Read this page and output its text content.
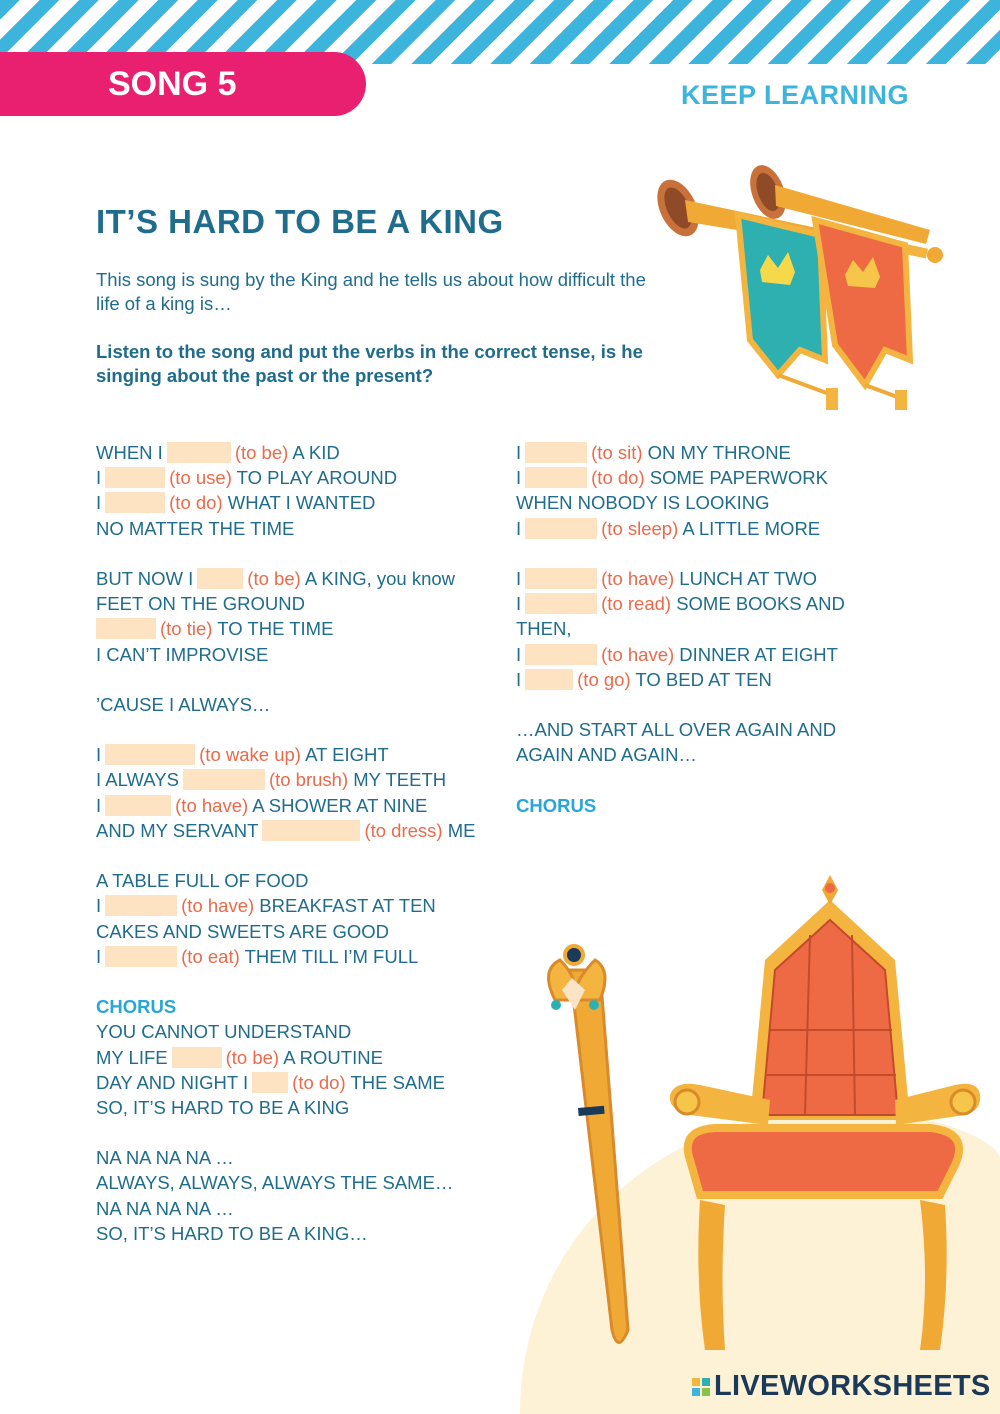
SONG 5	KEEP LEARNING
IT’S HARD TO BE A KING
This song is sung by the King and he tells us about how difficult the life of a king is…
Listen to the song and put the verbs in the correct tense, is he singing about the past or the present?
WHEN I	(to be) A KID
I	(to use) TO PLAY AROUND
I	(to do) WHAT I WANTED
NO MATTER THE TIME
BUT NOW I	(to be) A KING, you know
FEET ON THE GROUND
(to tie) TO THE TIME
I CAN’T IMPROVISE
’CAUSE I ALWAYS…
I	(to wake up) AT EIGHT
I ALWAYS	(to brush) MY TEETH
I	(to have) A SHOWER AT NINE
AND MY SERVANT	(to dress) ME
A TABLE FULL OF FOOD
I	(to have) BREAKFAST AT TEN
CAKES AND SWEETS ARE GOOD
I	(to eat) THEM TILL I’M FULL
CHORUS
YOU CANNOT UNDERSTAND
MY LIFE	(to be) A ROUTINE
DAY AND NIGHT I (to do) THE SAME
SO, IT’S HARD TO BE A KING
NA NA NA NA …
ALWAYS, ALWAYS, ALWAYS THE SAME…
NA NA NA NA …
SO, IT’S HARD TO BE A KING…
I	(to sit) ON MY THRONE
I	(to do) SOME PAPERWORK
WHEN NOBODY IS LOOKING
I	(to sleep) A LITTLE MORE
I	(to have) LUNCH AT TWO
I	(to read) SOME BOOKS AND
THEN,
I	(to have) DINNER AT EIGHT
I	(to go) TO BED AT TEN
…AND START ALL OVER AGAIN AND
AGAIN AND AGAIN…
CHORUS
LIVEWORKSHEETS
